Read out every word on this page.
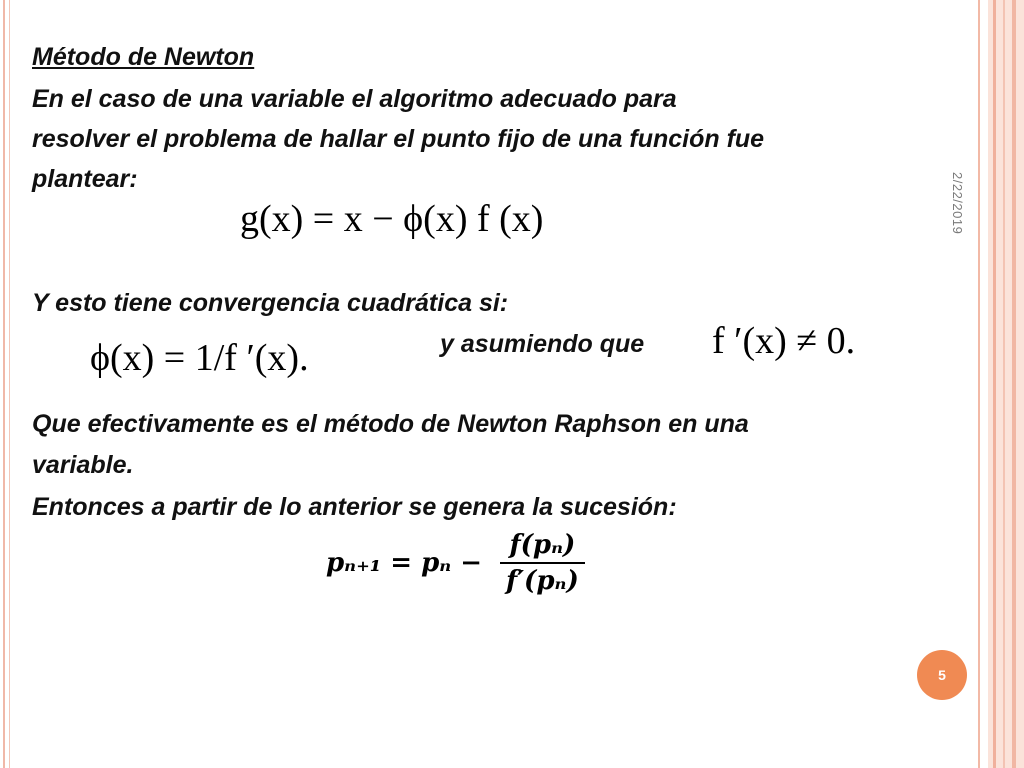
2/22/2019
Método de Newton
En el caso de una variable el algoritmo adecuado para
resolver el problema de hallar el punto fijo de una función fue
plantear:
g(x) = x − ϕ(x) f (x)
Y esto tiene convergencia cuadrática si:
ϕ(x) = 1/f ′(x).	y asumiendo que f ′(x) ≠ 0.
Que efectivamente es el método de Newton Raphson en una
variable.
Entonces a partir de lo anterior se genera la sucesión:
𝒑ₙ₊₁ = 𝒑ₙ − $\frac{\text{𝒇(𝒑ₙ)}}{\text{𝒇′(𝒑ₙ)}}$
5
